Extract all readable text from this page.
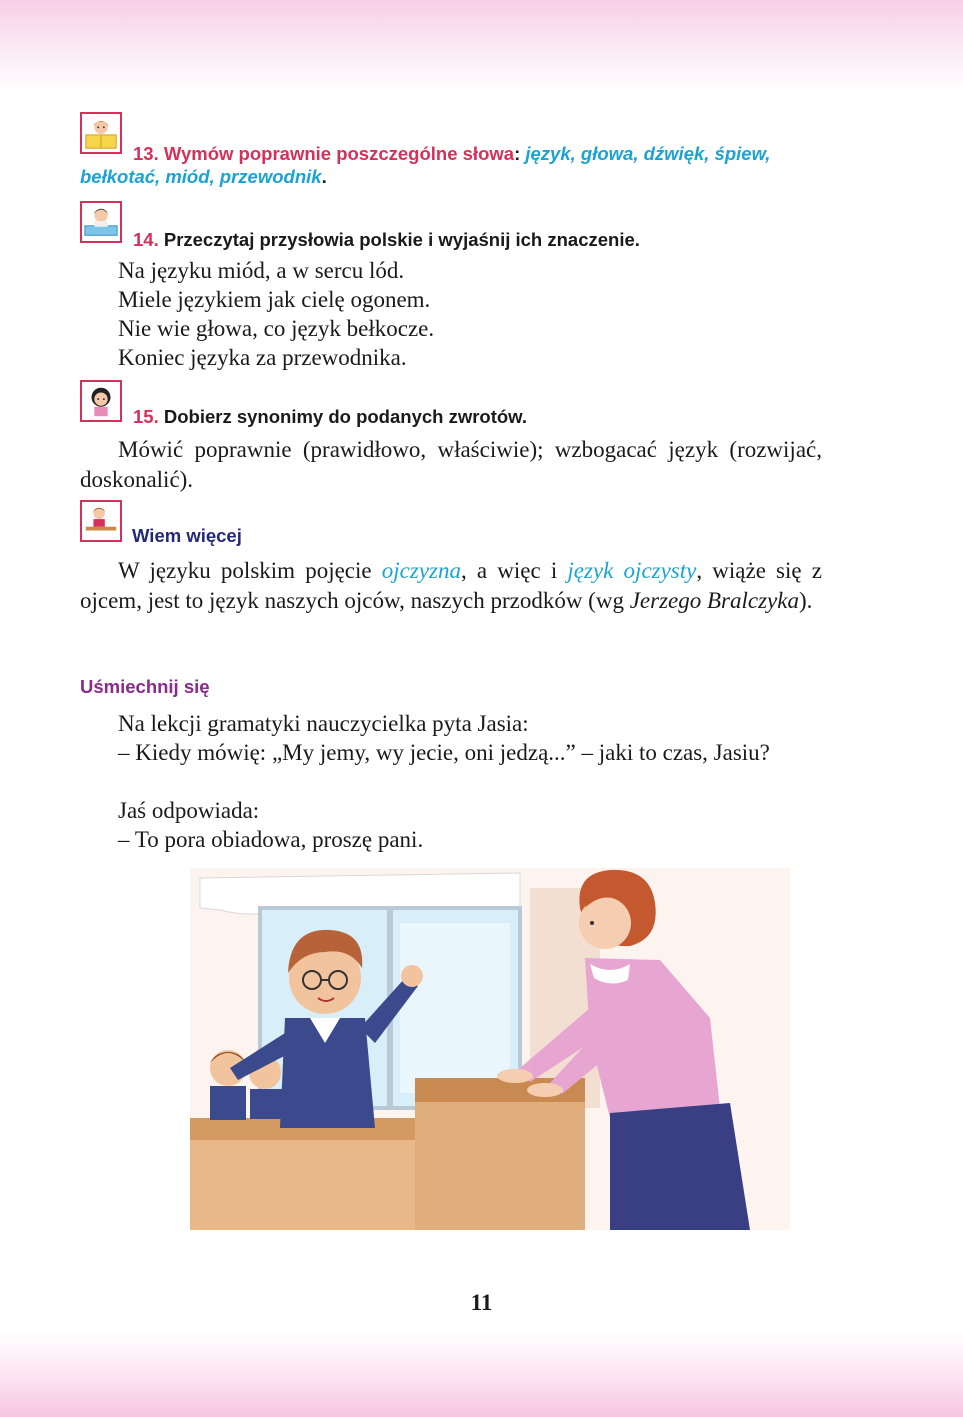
13. Wymów poprawnie poszczególne słowa: język, głowa, dźwięk, śpiew,
bełkotać, miód, przewodnik.
14. Przeczytaj przysłowia polskie i wyjaśnij ich znaczenie.
Na języku miód, a w sercu lód.
Miele językiem jak cielę ogonem.
Nie wie głowa, co język bełkocze.
Koniec języka za przewodnika.
15. Dobierz synonimy do podanych zwrotów.
Mówić poprawnie (prawidłowo, właściwie); wzbogacać język (rozwijać, doskonalić).
Wiem więcej
W języku polskim pojęcie ojczyzna, a więc i język ojczysty, wiąże się z ojcem, jest to język naszych ojców, naszych przodków (wg Jerzego Bralczyka).
Uśmiechnij się
Na lekcji gramatyki nauczycielka pyta Jasia:
– Kiedy mówię: „My jemy, wy jecie, oni jedzą...” – jaki to czas, Jasiu?
Jaś odpowiada:
– To pora obiadowa, proszę pani.
11
